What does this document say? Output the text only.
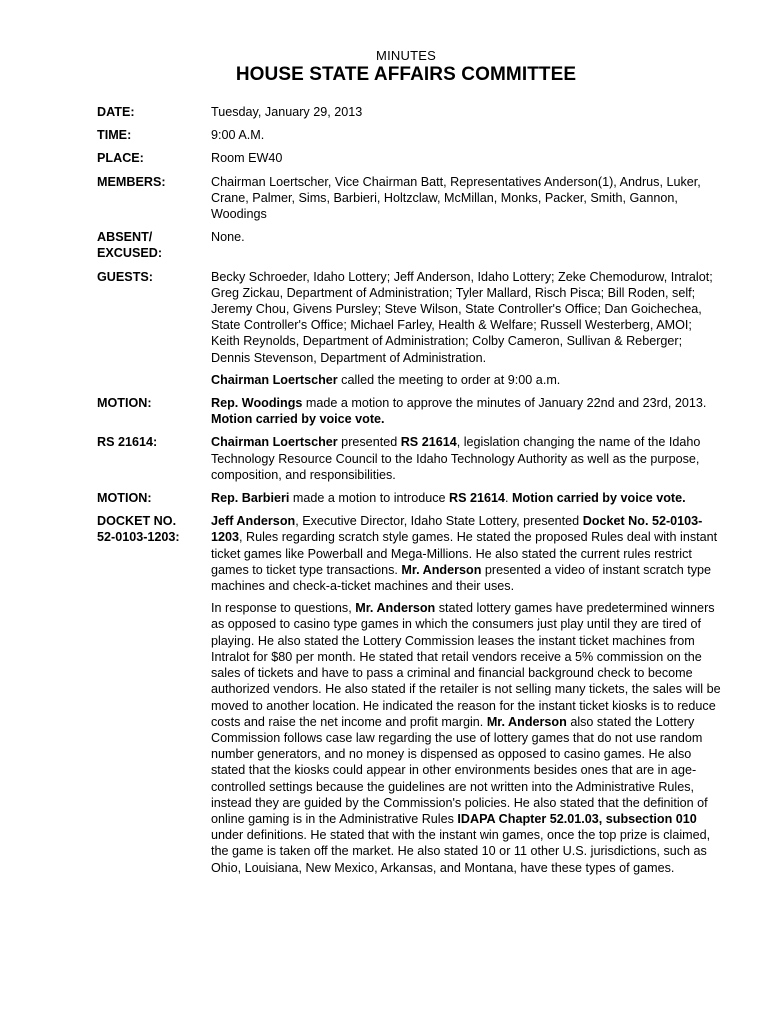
MINUTES
HOUSE STATE AFFAIRS COMMITTEE
DATE:	Tuesday, January 29, 2013
TIME:	9:00 A.M.
PLACE:	Room EW40
MEMBERS:	Chairman Loertscher, Vice Chairman Batt, Representatives Anderson(1), Andrus, Luker, Crane, Palmer, Sims, Barbieri, Holtzclaw, McMillan, Monks, Packer, Smith, Gannon, Woodings
ABSENT/
EXCUSED:
None.
GUESTS:	Becky Schroeder, Idaho Lottery; Jeff Anderson, Idaho Lottery; Zeke Chemodurow, Intralot; Greg Zickau, Department of Administration; Tyler Mallard, Risch Pisca; Bill Roden, self; Jeremy Chou, Givens Pursley; Steve Wilson, State Controller's Office; Dan Goichechea, State Controller's Office; Michael Farley, Health & Welfare; Russell Westerberg, AMOI; Keith Reynolds, Department of Administration; Colby Cameron, Sullivan & Reberger; Dennis Stevenson, Department of Administration.

Chairman Loertscher called the meeting to order at 9:00 a.m.

MOTION:	Rep. Woodings made a motion to approve the minutes of January 22nd and 23rd, 2013. Motion carried by voice vote.
RS 21614:	Chairman Loertscher presented RS 21614, legislation changing the name of the Idaho Technology Resource Council to the Idaho Technology Authority as well as the purpose, composition, and responsibilities.
MOTION:	Rep. Barbieri made a motion to introduce RS 21614. Motion carried by voice vote.
DOCKET NO.
52-0103-1203:

Jeff Anderson, Executive Director, Idaho State Lottery, presented Docket No. 52-0103-1203, Rules regarding scratch style games. He stated the proposed Rules deal with instant ticket games like Powerball and Mega-Millions. He also stated the current rules restrict games to ticket type transactions. Mr. Anderson presented a video of instant scratch type machines and check-a-ticket machines and their uses.

In response to questions, Mr. Anderson stated lottery games have predetermined winners as opposed to casino type games in which the consumers just play until they are tired of playing. He also stated the Lottery Commission leases the instant ticket machines from Intralot for $80 per month. He stated that retail vendors receive a 5% commission on the sales of tickets and have to pass a criminal and financial background check to become authorized vendors. He also stated if the retailer is not selling many tickets, the sales will be moved to another location. He indicated the reason for the instant ticket kiosks is to reduce costs and raise the net income and profit margin. Mr. Anderson also stated the Lottery Commission follows case law regarding the use of lottery games that do not use random number generators, and no money is dispensed as opposed to casino games. He also stated that the kiosks could appear in other environments besides ones that are in age-controlled settings because the guidelines are not written into the Administrative Rules, instead they are guided by the Commission's policies. He also stated that the definition of online gaming is in the Administrative Rules IDAPA Chapter 52.01.03, subsection 010 under definitions. He stated that with the instant win games, once the top prize is claimed, the game is taken off the market. He also stated 10 or 11 other U.S. jurisdictions, such as Ohio, Louisiana, New Mexico, Arkansas, and Montana, have these types of games.
